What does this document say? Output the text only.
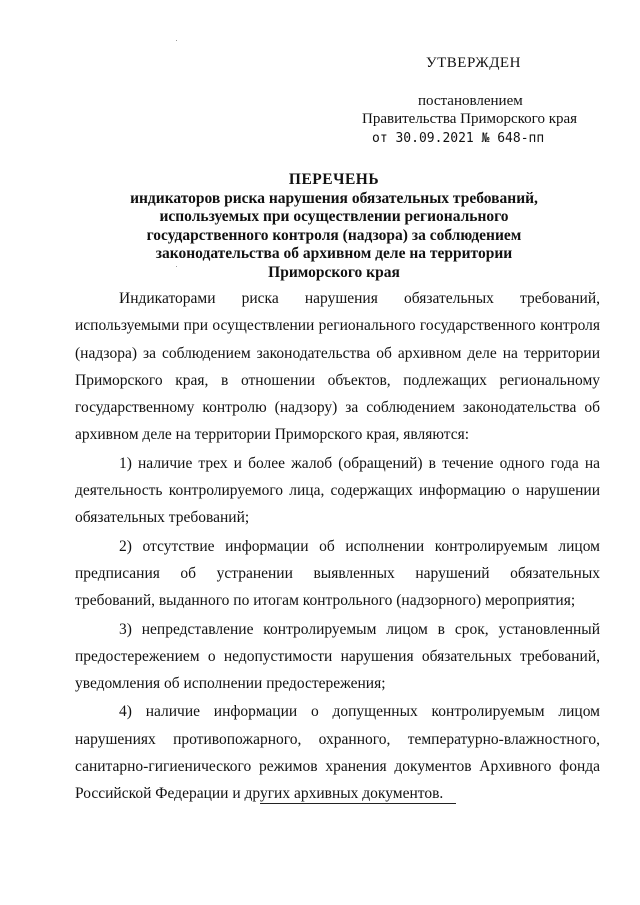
УТВЕРЖДЕН
постановлением
Правительства Приморского края
от 30.09.2021 № 648-пп
ПЕРЕЧЕНЬ
индикаторов риска нарушения обязательных требований, используемых при осуществлении регионального государственного контроля (надзора) за соблюдением законодательства об архивном деле на территории Приморского края

Индикаторами риска нарушения обязательных требований, используемыми при осуществлении регионального государственного контроля (надзора) за соблюдением законодательства об архивном деле на территории Приморского края, в отношении объектов, подлежащих региональному государственному контролю (надзору) за соблюдением законодательства об архивном деле на территории Приморского края, являются:

1) наличие трех и более жалоб (обращений) в течение одного года на деятельность контролируемого лица, содержащих информацию о нарушении обязательных требований;

2) отсутствие информации об исполнении контролируемым лицом предписания об устранении выявленных нарушений обязательных требований, выданного по итогам контрольного (надзорного) мероприятия;

3) непредставление контролируемым лицом в срок, установленный предостережением о недопустимости нарушения обязательных требований, уведомления об исполнении предостережения;

4) наличие информации о допущенных контролируемым лицом нарушениях противопожарного, охранного, температурно-влажностного, санитарно-гигиенического режимов хранения документов Архивного фонда Российской Федерации и других архивных документов.
